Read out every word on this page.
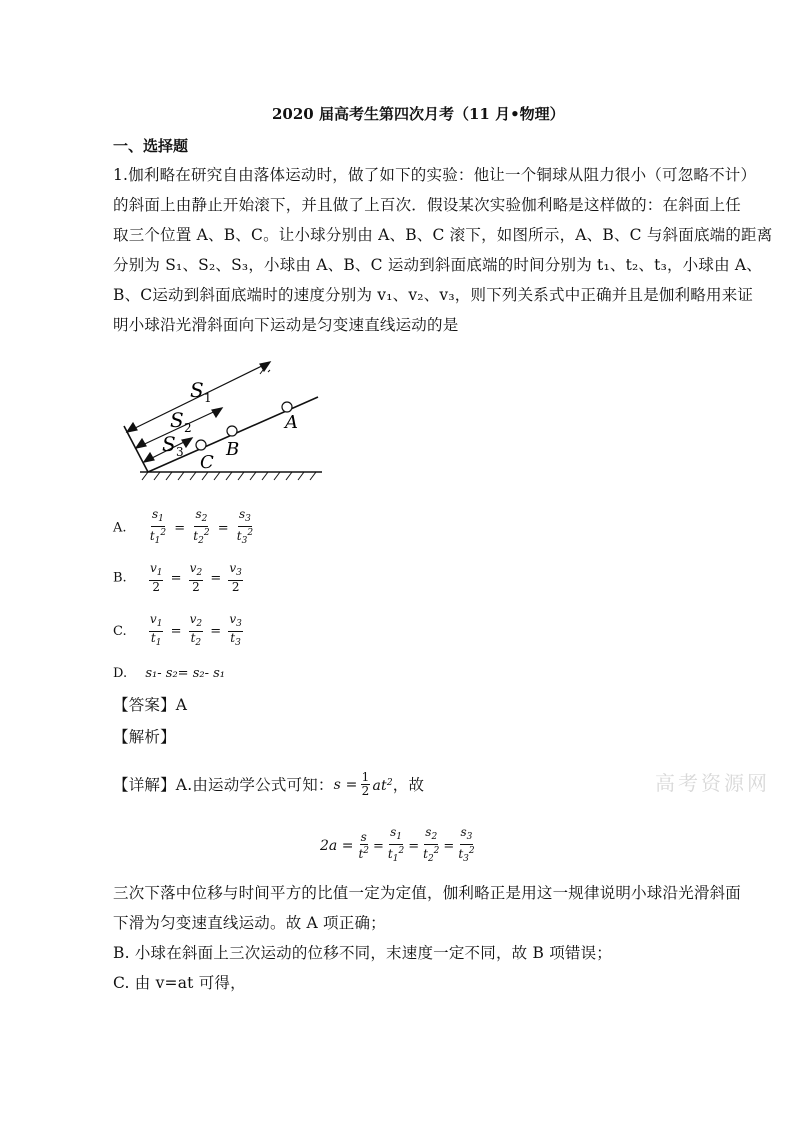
2020 届高考生第四次月考（11 月•物理）
一、选择题
1.伽利略在研究自由落体运动时，做了如下的实验：他让一个铜球从阻力很小（可忽略不计）
的斜面上由静止开始滚下，并且做了上百次．假设某次实验伽利略是这样做的：在斜面上任
取三个位置 A、B、C。让小球分别由 A、B、C 滚下，如图所示，A、B、C 与斜面底端的距离
分别为 S₁、S₂、S₃，小球由 A、B、C 运动到斜面底端的时间分别为 t₁、t₂、t₃，小球由 A、
B、C运动到斜面底端时的速度分别为 v₁、v₂、v₃，则下列关系式中正确并且是伽利略用来证
明小球沿光滑斜面向下运动是匀变速直线运动的是
S 1
S 2
S 3
A
B
C
A. $\frac{s_1}{t_1^2} = \frac{s_2}{t_2^2} = \frac{s_3}{t_3^2}$
B. $\frac{v_1}{2} = \frac{v_2}{2} = \frac{v_3}{2}$
C. $\frac{v_1}{t_1} = \frac{v_2}{t_2} = \frac{v_3}{t_3}$
D. s₁- s₂= s₂- s₁
【答案】A
【解析】
【详解】A.由运动学公式可知： $s = \frac{1}{2} at^2$ ，故
$2a = \frac{s}{t^2} = \frac{s_1}{t_1^2} = \frac{s_2}{t_2^2} = \frac{s_3}{t_3^2}$
三次下落中位移与时间平方的比值一定为定值，伽利略正是用这一规律说明小球沿光滑斜面
下滑为匀变速直线运动。故 A 项正确；
B. 小球在斜面上三次运动的位移不同，末速度一定不同，故 B 项错误；
C. 由 v=at 可得，
高考资源网
